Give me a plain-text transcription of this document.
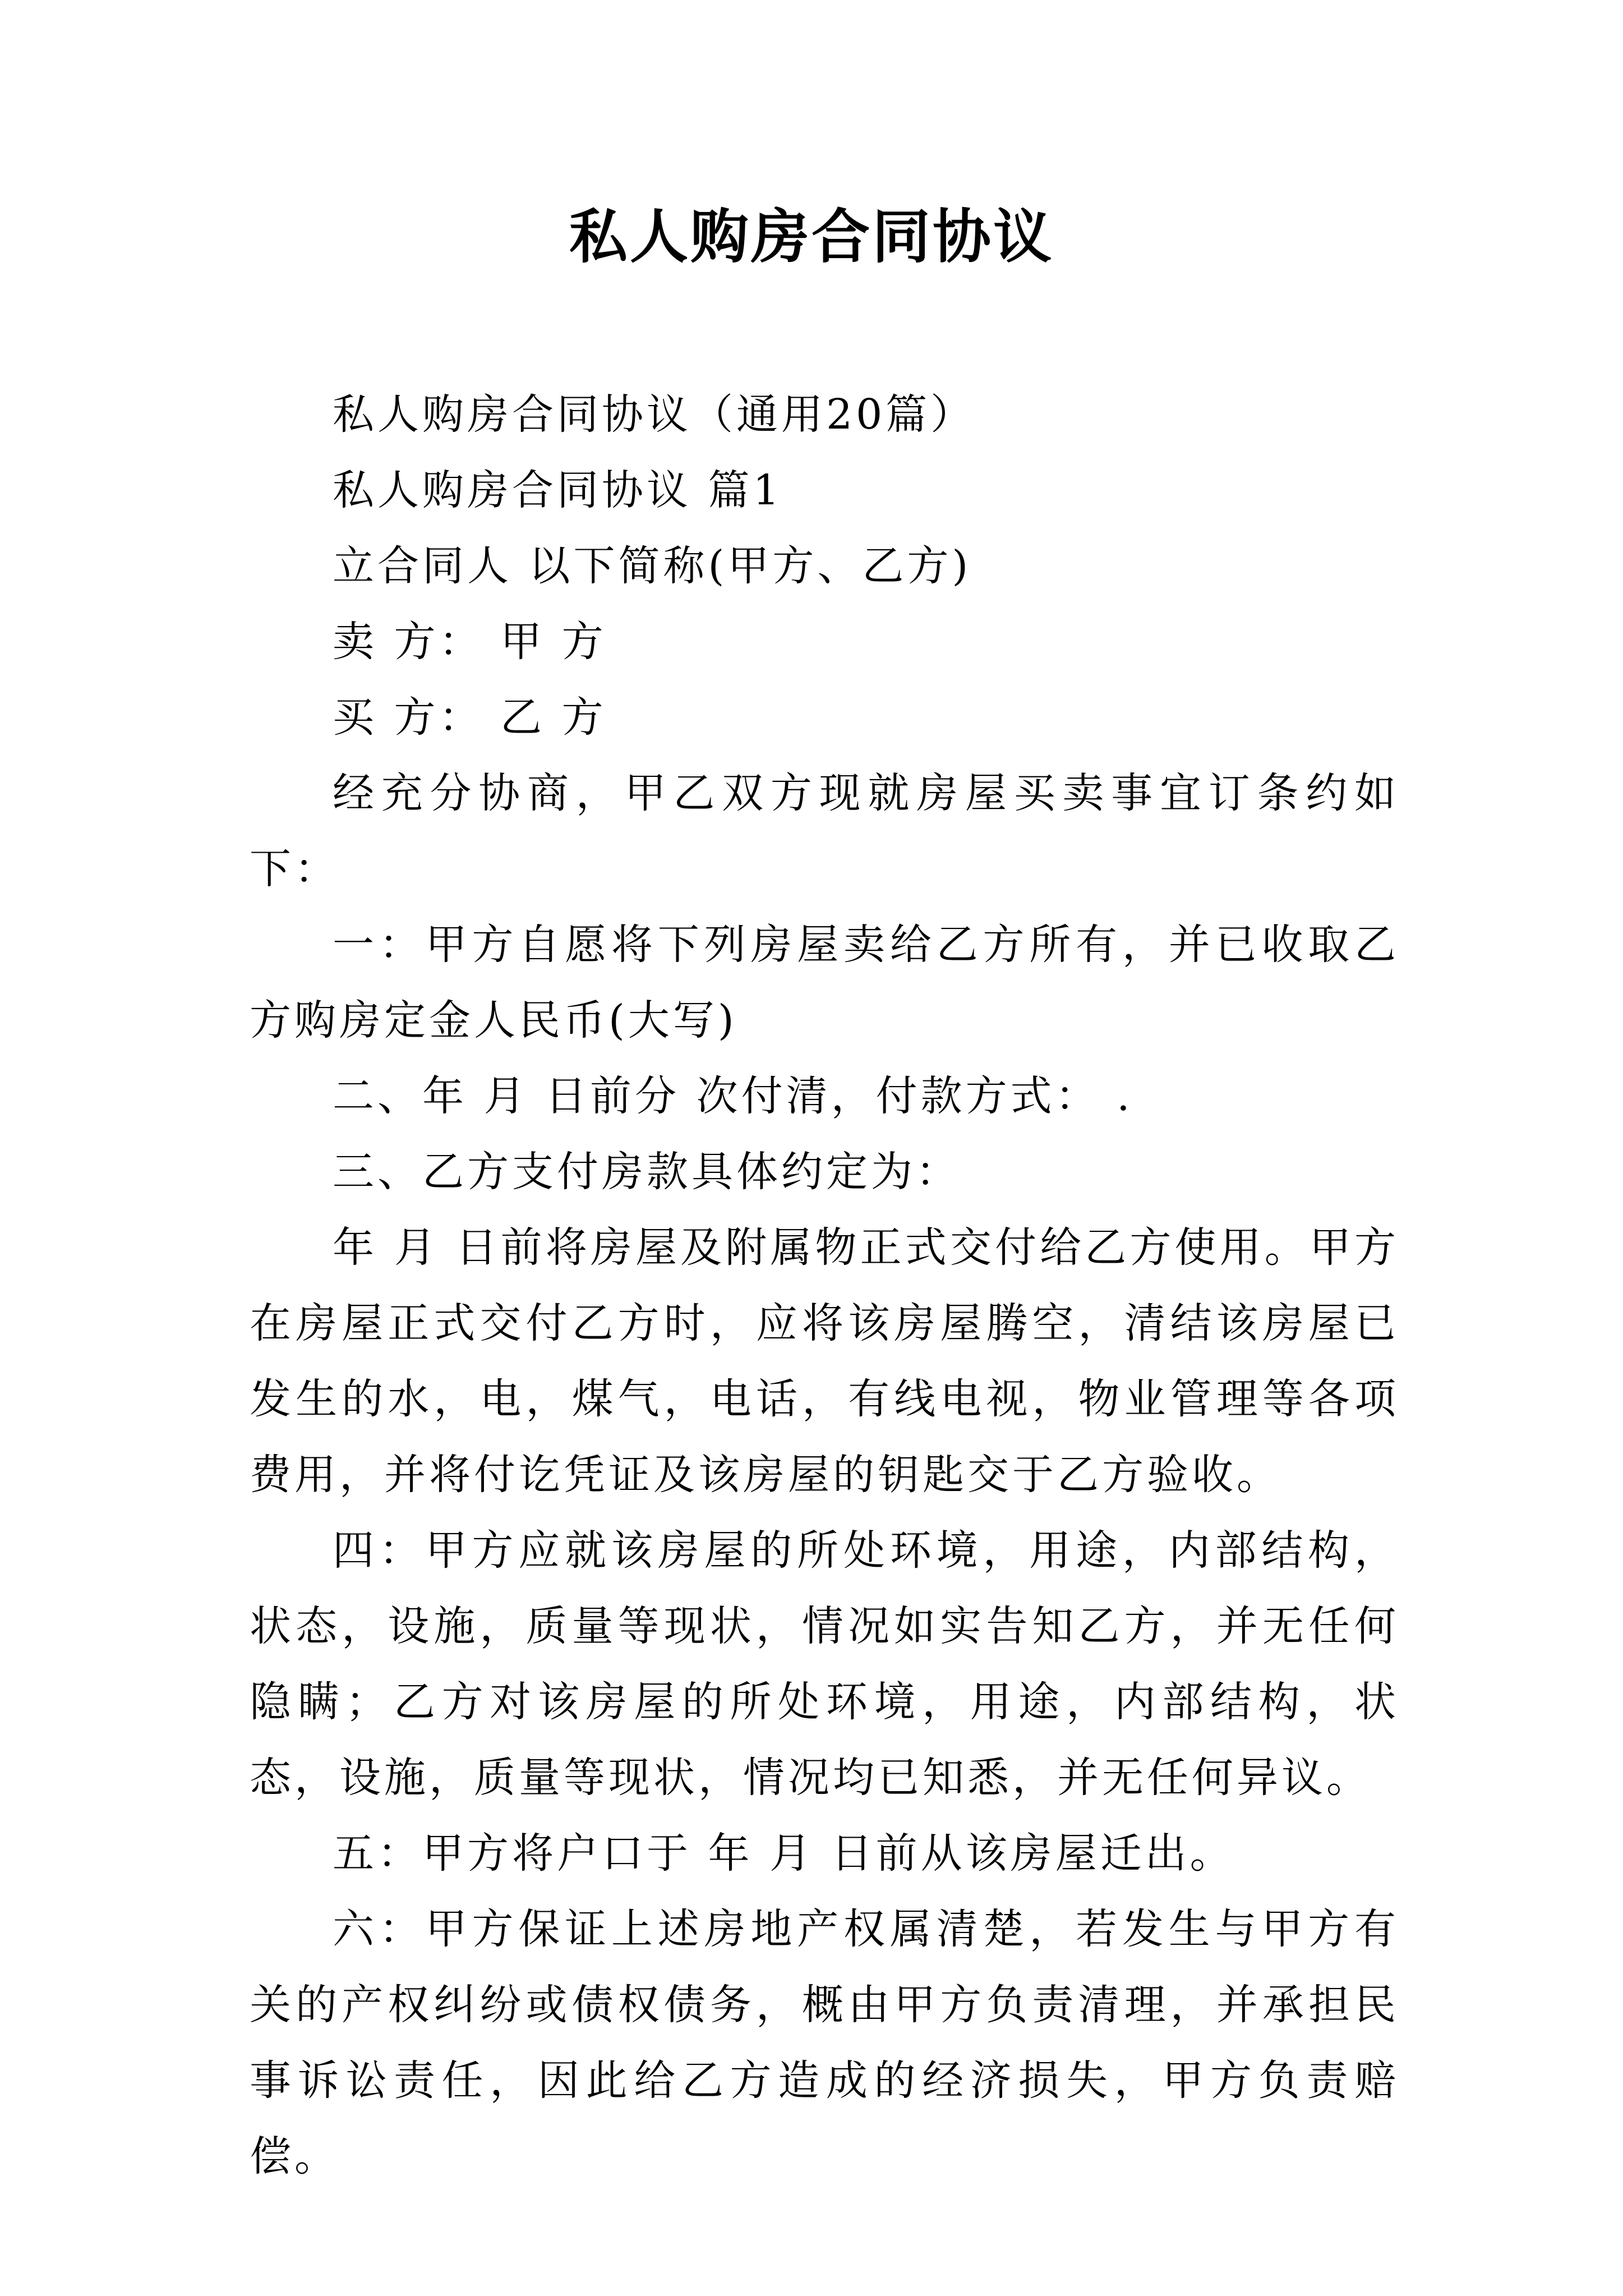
私人购房合同协议

私人购房合同协议（通用20篇）

私人购房合同协议 篇1

立合同人 以下简称(甲方、乙方)

卖 方： 甲 方

买 方： 乙 方

经充分协商，甲乙双方现就房屋买卖事宜订条约如下：

一：甲方自愿将下列房屋卖给乙方所有，并已收取乙方购房定金人民币(大写)

二、年 月 日前分 次付清，付款方式： .

三、乙方支付房款具体约定为：

年 月 日前将房屋及附属物正式交付给乙方使用。甲方在房屋正式交付乙方时，应将该房屋腾空，清结该房屋已发生的水，电，煤气，电话，有线电视，物业管理等各项费用，并将付讫凭证及该房屋的钥匙交于乙方验收。

四：甲方应就该房屋的所处环境，用途，内部结构，状态，设施，质量等现状，情况如实告知乙方，并无任何隐瞒；乙方对该房屋的所处环境，用途，内部结构，状态，设施，质量等现状，情况均已知悉，并无任何异议。

五：甲方将户口于 年 月 日前从该房屋迁出。

六：甲方保证上述房地产权属清楚，若发生与甲方有关的产权纠纷或债权债务，概由甲方负责清理，并承担民事诉讼责任，因此给乙方造成的经济损失，甲方负责赔偿。
